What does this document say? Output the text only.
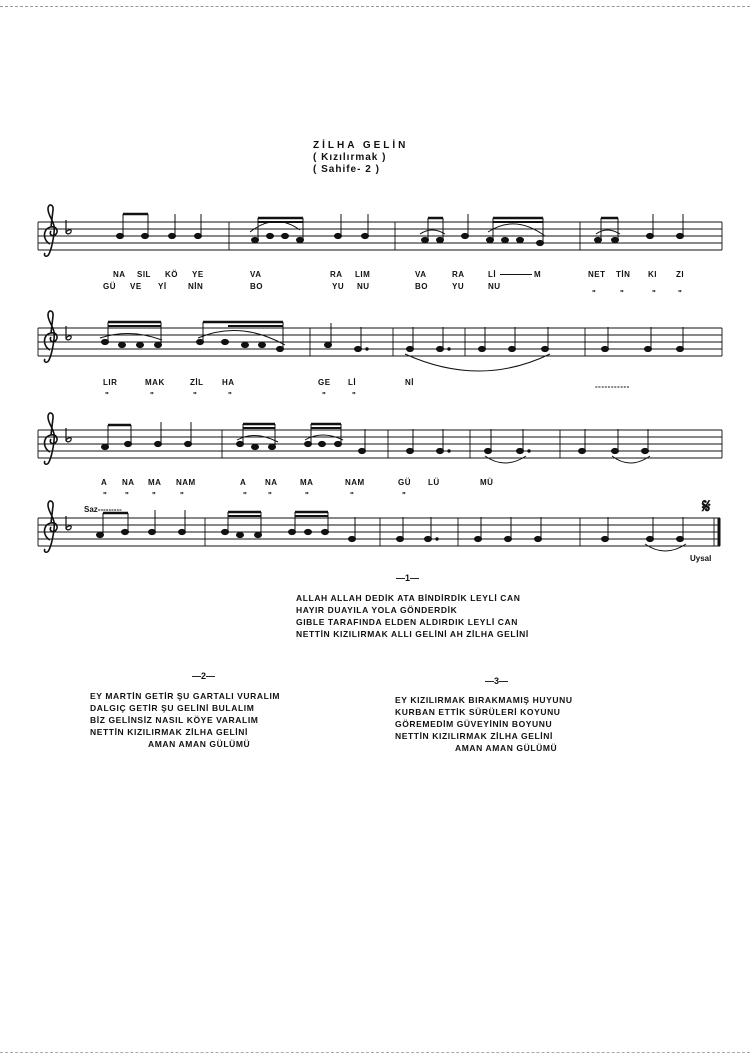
ZİLHA GELİN
( Kızılırmak )
( Sahife- 2 )
NA SIL KÖ YE	VA	RA LIM	VA	RA	Lİ	M	NET TİN KI ZI
GÜ VE Yİ	NİN	BO	YU NU	BO	YU	NU
"	"	"	"
LIR	MAK	ZİL HA	GE Lİ	Nİ	-----------
"	"	"	"	"	"
A NA MA NAM	A NA	MA	NAM	GÜ LÜ	MÜ
" "	"	"	"	"	"	"	"
Saz---------	𝄋
Uysal
—1—
ALLAH ALLAH DEDİK ATA BİNDİRDİK LEYLİ CAN
HAYIR DUAYILA YOLA GÖNDERDİK
GIBLE TARAFINDA ELDEN ALDIRDIK LEYLİ CAN
NETTİN KIZILIRMAK ALLI GELİNİ AH ZİLHA GELİNİ
—2—
EY MARTİN GETİR ŞU GARTALI VURALIM
DALGIÇ GETİR ŞU GELİNİ BULALIM
BİZ GELİNSİZ NASIL KÖYE VARALIM
NETTİN KIZILIRMAK ZİLHA GELİNİ
AMAN AMAN GÜLÜMÜ
—3—
EY KIZILIRMAK BIRAKMAMIŞ HUYUNU
KURBAN ETTİK SÜRÜLERİ KOYUNU
GÖREMEDİM GÜVEYİNİN BOYUNU
NETTİN KIZILIRMAK ZİLHA GELİNİ
AMAN AMAN GÜLÜMÜ
